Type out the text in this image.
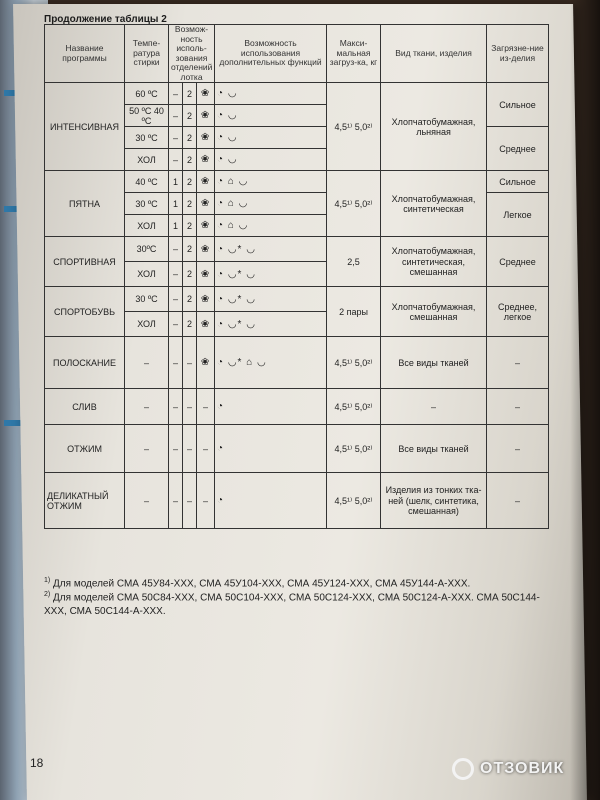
Продолжение таблицы 2
Название программы	Темпе-ратура стирки	Возмож-ность исполь-зования отделений лотка			Возможность использования дополнительных функций	Макси-мальная загруз-ка, кг	Вид ткани, изделия	Загрязне-ние из-делия
ИНТЕНСИВНАЯ	60 ºС	–	2	❀	◔ ◡	4,5¹⁾ 5,0²⁾	Хлопчатобумажная, льняная	Сильное
	50 ºС 40 ºС	–	2	❀	◔ ◡			
	30 ºС	–	2	❀	◔ ◡			Среднее
	ХОЛ	–	2	❀	◔ ◡			
ПЯТНА	40 ºС	1	2	❀	◔ ⌂ ◡	4,5¹⁾ 5,0²⁾	Хлопчатобумажная, синтетическая	Сильное
	30 ºС	1	2	❀	◔ ⌂ ◡			Легкое
	ХОЛ	1	2	❀	◔ ⌂ ◡			
СПОРТИВНАЯ	30ºС	–	2	❀	◔ ◡* ◡	2,5	Хлопчатобумажная, синтетическая, смешанная	Среднее
	ХОЛ	–	2	❀	◔ ◡* ◡			
СПОРТОБУВЬ	30 ºС	–	2	❀	◔ ◡* ◡	2 пары	Хлопчатобумажная, смешанная	Среднее, легкое
	ХОЛ	–	2	❀	◔ ◡* ◡			
ПОЛОСКАНИЕ	–	–	–	❀	◔ ◡* ⌂ ◡	4,5¹⁾ 5,0²⁾	Все виды тканей	–
СЛИВ	–	–	–	–	◔	4,5¹⁾ 5,0²⁾	–	–
ОТЖИМ	–	–	–	–	◔	4,5¹⁾ 5,0²⁾	Все виды тканей	–
ДЕЛИКАТНЫЙ ОТЖИМ	–	–	–	–	◔	4,5¹⁾ 5,0²⁾	Изделия из тонких тка-ней (шелк, синтетика, смешанная)	–
$^{1)}$ Для моделей СМА 45У84-ХХХ, СМА 45У104-ХХХ, СМА 45У124-ХХХ, СМА 45У144-А-ХХХ.
$^{2)}$ Для моделей СМА 50С84-ХХХ, СМА 50С104-ХХХ, СМА 50С124-ХХХ, СМА 50С124-А-ХХХ. СМА 50С144-ХХХ, СМА 50С144-А-ХХХ.
18	ОТЗОВИК
